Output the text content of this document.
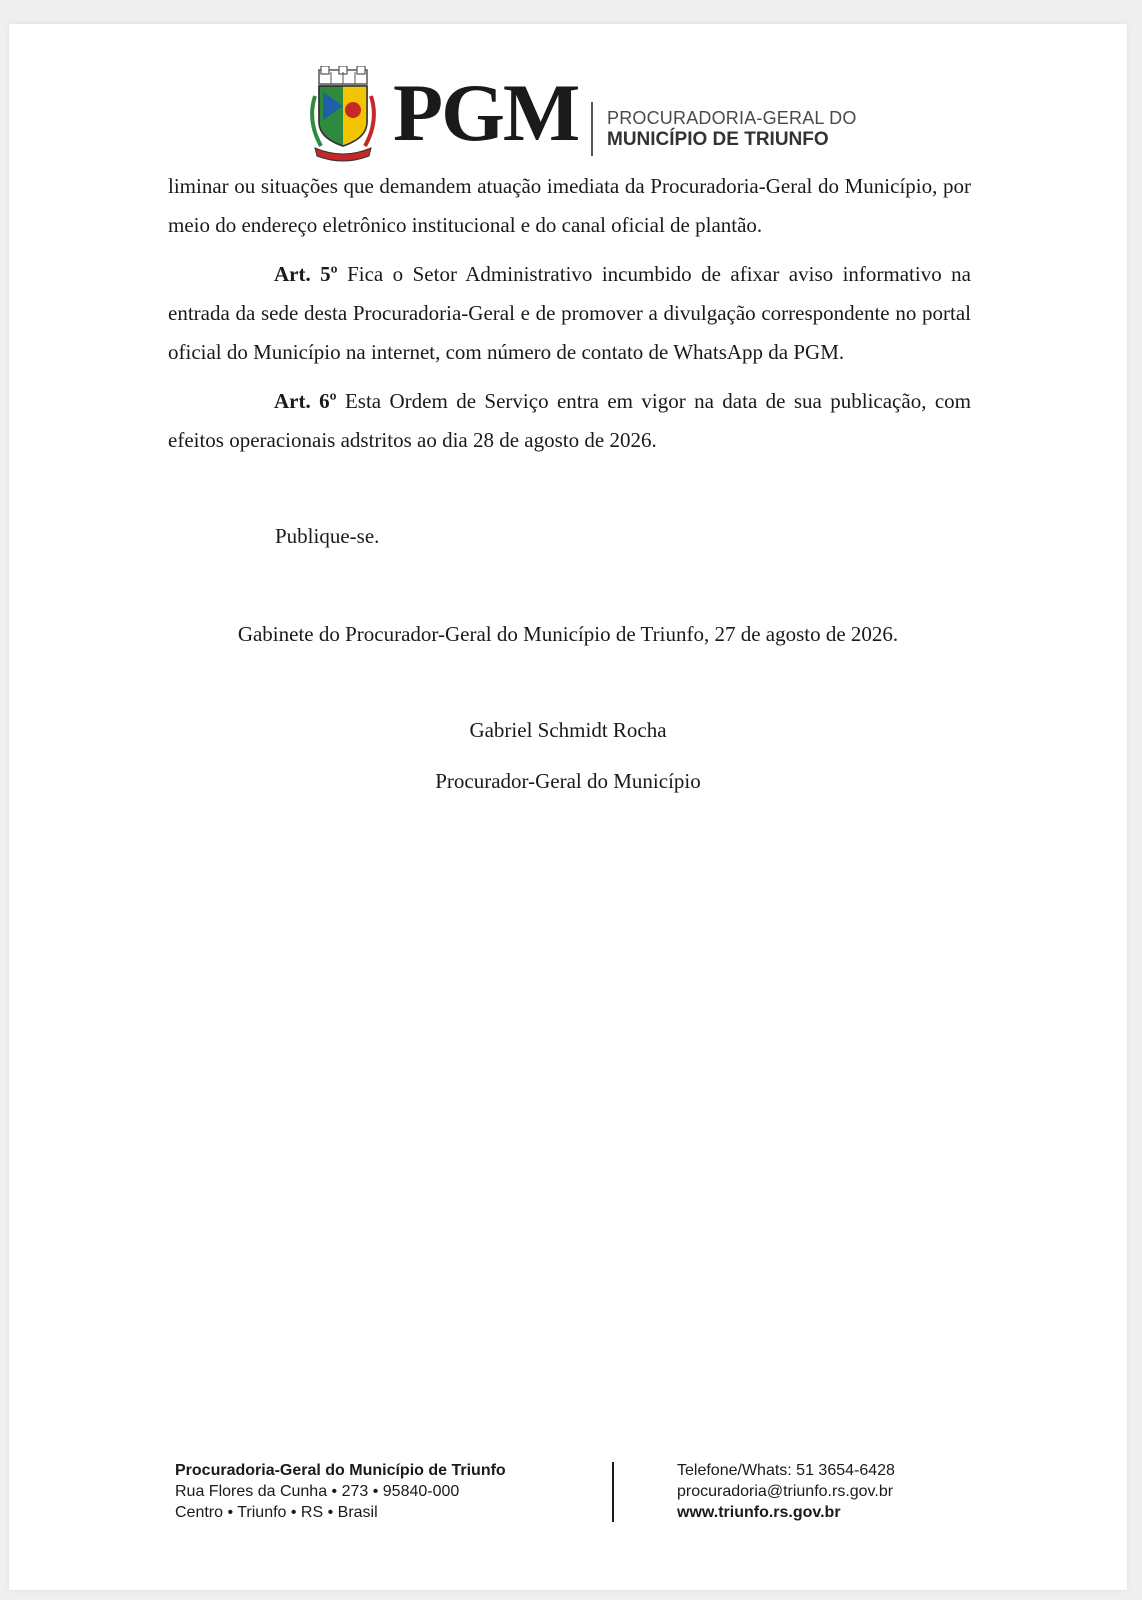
PGM PROCURADORIA-GERAL DO
MUNICÍPIO DE TRIUNFO

liminar ou situações que demandem atuação imediata da Procuradoria-Geral do Município, por meio do endereço eletrônico institucional e do canal oficial de plantão.

Art. 5º Fica o Setor Administrativo incumbido de afixar aviso informativo na entrada da sede desta Procuradoria-Geral e de promover a divulgação correspondente no portal oficial do Município na internet, com número de contato de WhatsApp da PGM.

Art. 6º Esta Ordem de Serviço entra em vigor na data de sua publicação, com efeitos operacionais adstritos ao dia 28 de agosto de 2026.

Publique-se.
Gabinete do Procurador-Geral do Município de Triunfo, 27 de agosto de 2026.
Gabriel Schmidt Rocha
Procurador-Geral do Município
Procuradoria-Geral do Município de Triunfo
Rua Flores da Cunha • 273 • 95840-000
Centro • Triunfo • RS • Brasil
Telefone/Whats: 51 3654-6428
procuradoria@triunfo.rs.gov.br
www.triunfo.rs.gov.br
